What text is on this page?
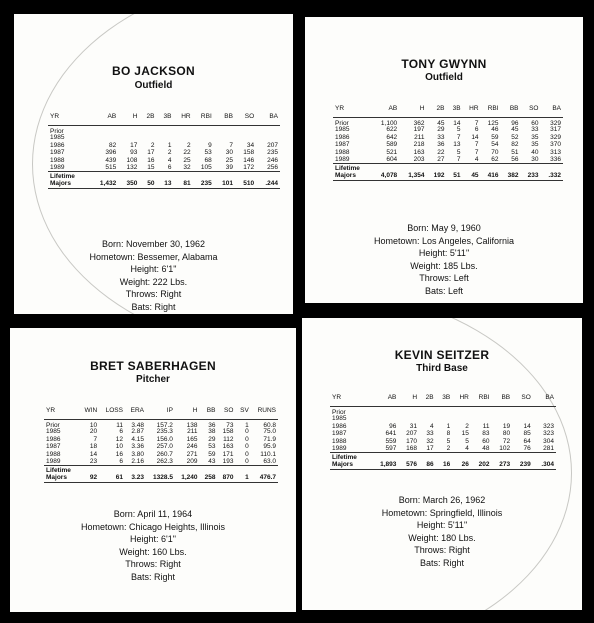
BO JACKSON
Outfield
YR	AB	H	2B	3B	HR	RBI	BB	SO	BA
Prior									
1985									
1986	82	17	2	1	2	9	7	34	207
1987	396	93	17	2	22	53	30	158	235
1988	439	108	16	4	25	68	25	146	246
1989	515	132	15	6	32	105	39	172	256
Lifetime									
Majors	1,432	350	50	13	81	235	101	510	.244
Born: November 30, 1962
Hometown: Bessemer, Alabama
Height: 6'1"
Weight: 222 Lbs.
Throws: Right
Bats: Right
TONY GWYNN
Outfield
YR	AB	H	2B	3B	HR	RBI	BB	SO	BA
Prior	1,100	362	45	14	7	125	96	60	329
1985	622	197	29	5	6	46	45	33	317
1986	642	211	33	7	14	59	52	35	329
1987	589	218	36	13	7	54	82	35	370
1988	521	163	22	5	7	70	51	40	313
1989	604	203	27	7	4	62	56	30	336
Lifetime									
Majors	4,078	1,354	192	51	45	416	382	233	.332
Born: May 9, 1960
Hometown: Los Angeles, California
Height: 5'11"
Weight: 185 Lbs.
Throws: Left
Bats: Left
BRET SABERHAGEN
Pitcher
YR	WIN	LOSS	ERA	IP	H	BB	SO	SV	RUNS
Prior	10	11	3.48	157.2	138	36	73	1	60.8
1985	20	6	2.87	235.3	211	38	158	0	75.0
1986	7	12	4.15	156.0	165	29	112	0	71.9
1987	18	10	3.36	257.0	246	53	163	0	95.9
1988	14	16	3.80	260.7	271	59	171	0	110.1
1989	23	6	2.16	262.3	209	43	193	0	63.0
Lifetime									
Majors	92	61	3.23	1328.5	1,240	258	870	1	476.7
Born: April 11, 1964
Hometown: Chicago Heights, Illinois
Height: 6'1"
Weight: 160 Lbs.
Throws: Right
Bats: Right
KEVIN SEITZER
Third Base
YR	AB	H	2B	3B	HR	RBI	BB	SO	BA
Prior									
1985									
1986	96	31	4	1	2	11	19	14	323
1987	641	207	33	8	15	83	80	85	323
1988	559	170	32	5	5	60	72	64	304
1989	597	168	17	2	4	48	102	76	281
Lifetime									
Majors	1,893	576	86	16	26	202	273	239	.304
Born: March 26, 1962
Hometown: Springfield, Illinois
Height: 5'11"
Weight: 180 Lbs.
Throws: Right
Bats: Right
